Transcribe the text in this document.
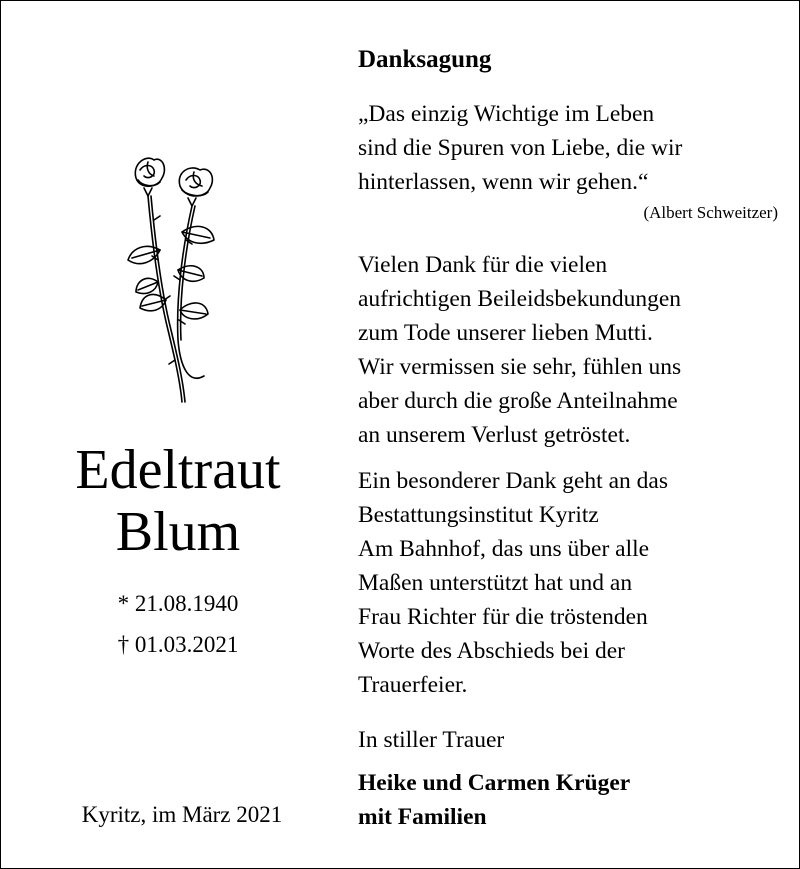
Edeltraut
Blum
* 21.08.1940
† 01.03.2021
Kyritz, im März 2021
Danksagung
„Das einzig Wichtige im Leben
sind die Spuren von Liebe, die wir
hinterlassen, wenn wir gehen.“
(Albert Schweitzer)
Vielen Dank für die vielen
aufrichtigen Beileidsbekundungen
zum Tode unserer lieben Mutti.
Wir vermissen sie sehr, fühlen uns
aber durch die große Anteilnahme
an unserem Verlust getröstet.
Ein besonderer Dank geht an das
Bestattungsinstitut Kyritz
Am Bahnhof, das uns über alle
Maßen unterstützt hat und an
Frau Richter für die tröstenden
Worte des Abschieds bei der
Trauerfeier.
In stiller Trauer
Heike und Carmen Krüger
mit Familien
